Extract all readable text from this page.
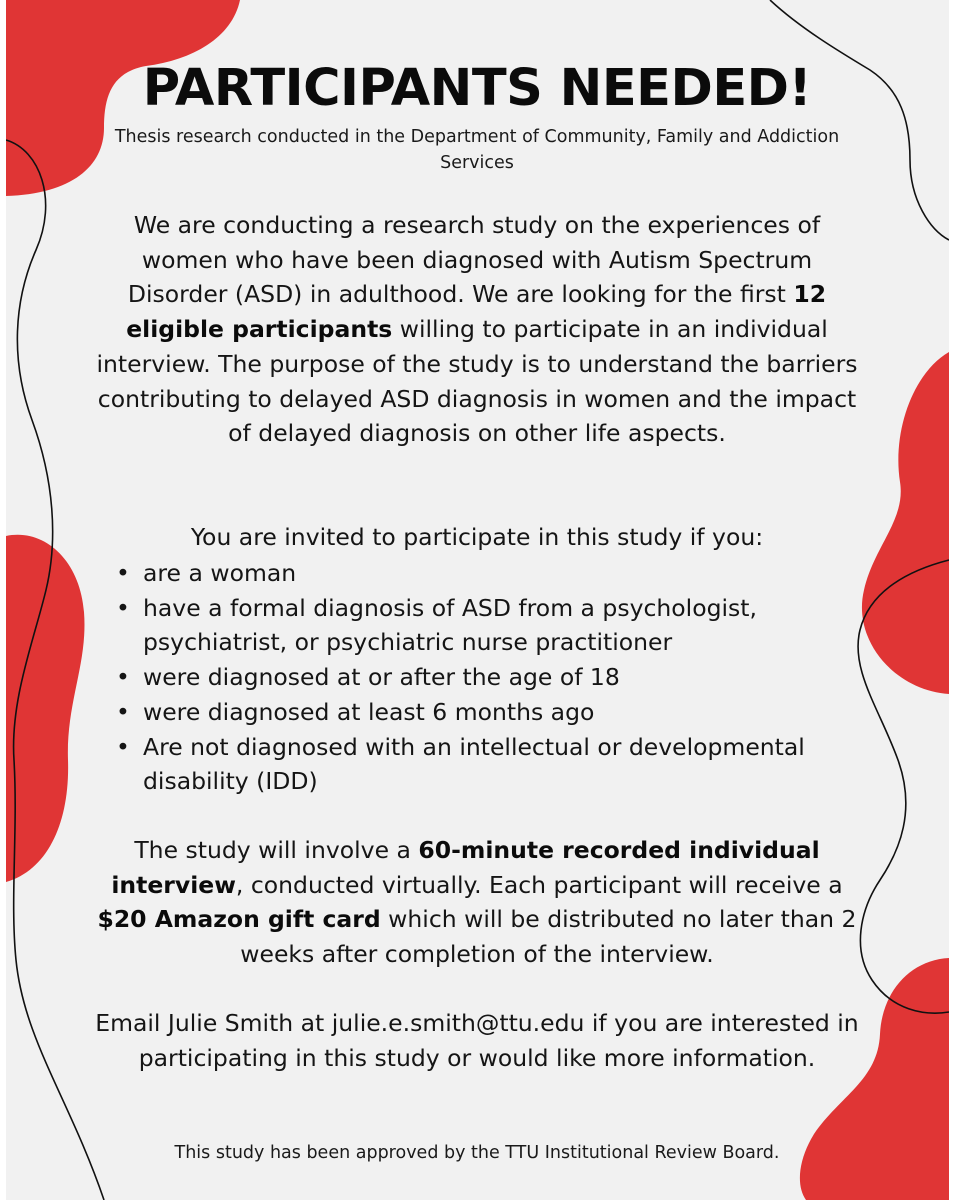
PARTICIPANTS NEEDED!

Thesis research conducted in the Department of Community, Family and Addiction Services

We are conducting a research study on the experiences of women who have been diagnosed with Autism Spectrum Disorder (ASD) in adulthood. We are looking for the first 12 eligible participants willing to participate in an individual interview. The purpose of the study is to understand the barriers contributing to delayed ASD diagnosis in women and the impact of delayed diagnosis on other life aspects.

You are invited to participate in this study if you:

• are a woman
• have a formal diagnosis of ASD from a psychologist, psychiatrist, or psychiatric nurse practitioner
• were diagnosed at or after the age of 18
• were diagnosed at least 6 months ago
• Are not diagnosed with an intellectual or developmental disability (IDD)

The study will involve a 60-minute recorded individual interview, conducted virtually. Each participant will receive a $20 Amazon gift card which will be distributed no later than 2 weeks after completion of the interview.

Email Julie Smith at julie.e.smith@ttu.edu if you are interested in participating in this study or would like more information.

This study has been approved by the TTU Institutional Review Board.
